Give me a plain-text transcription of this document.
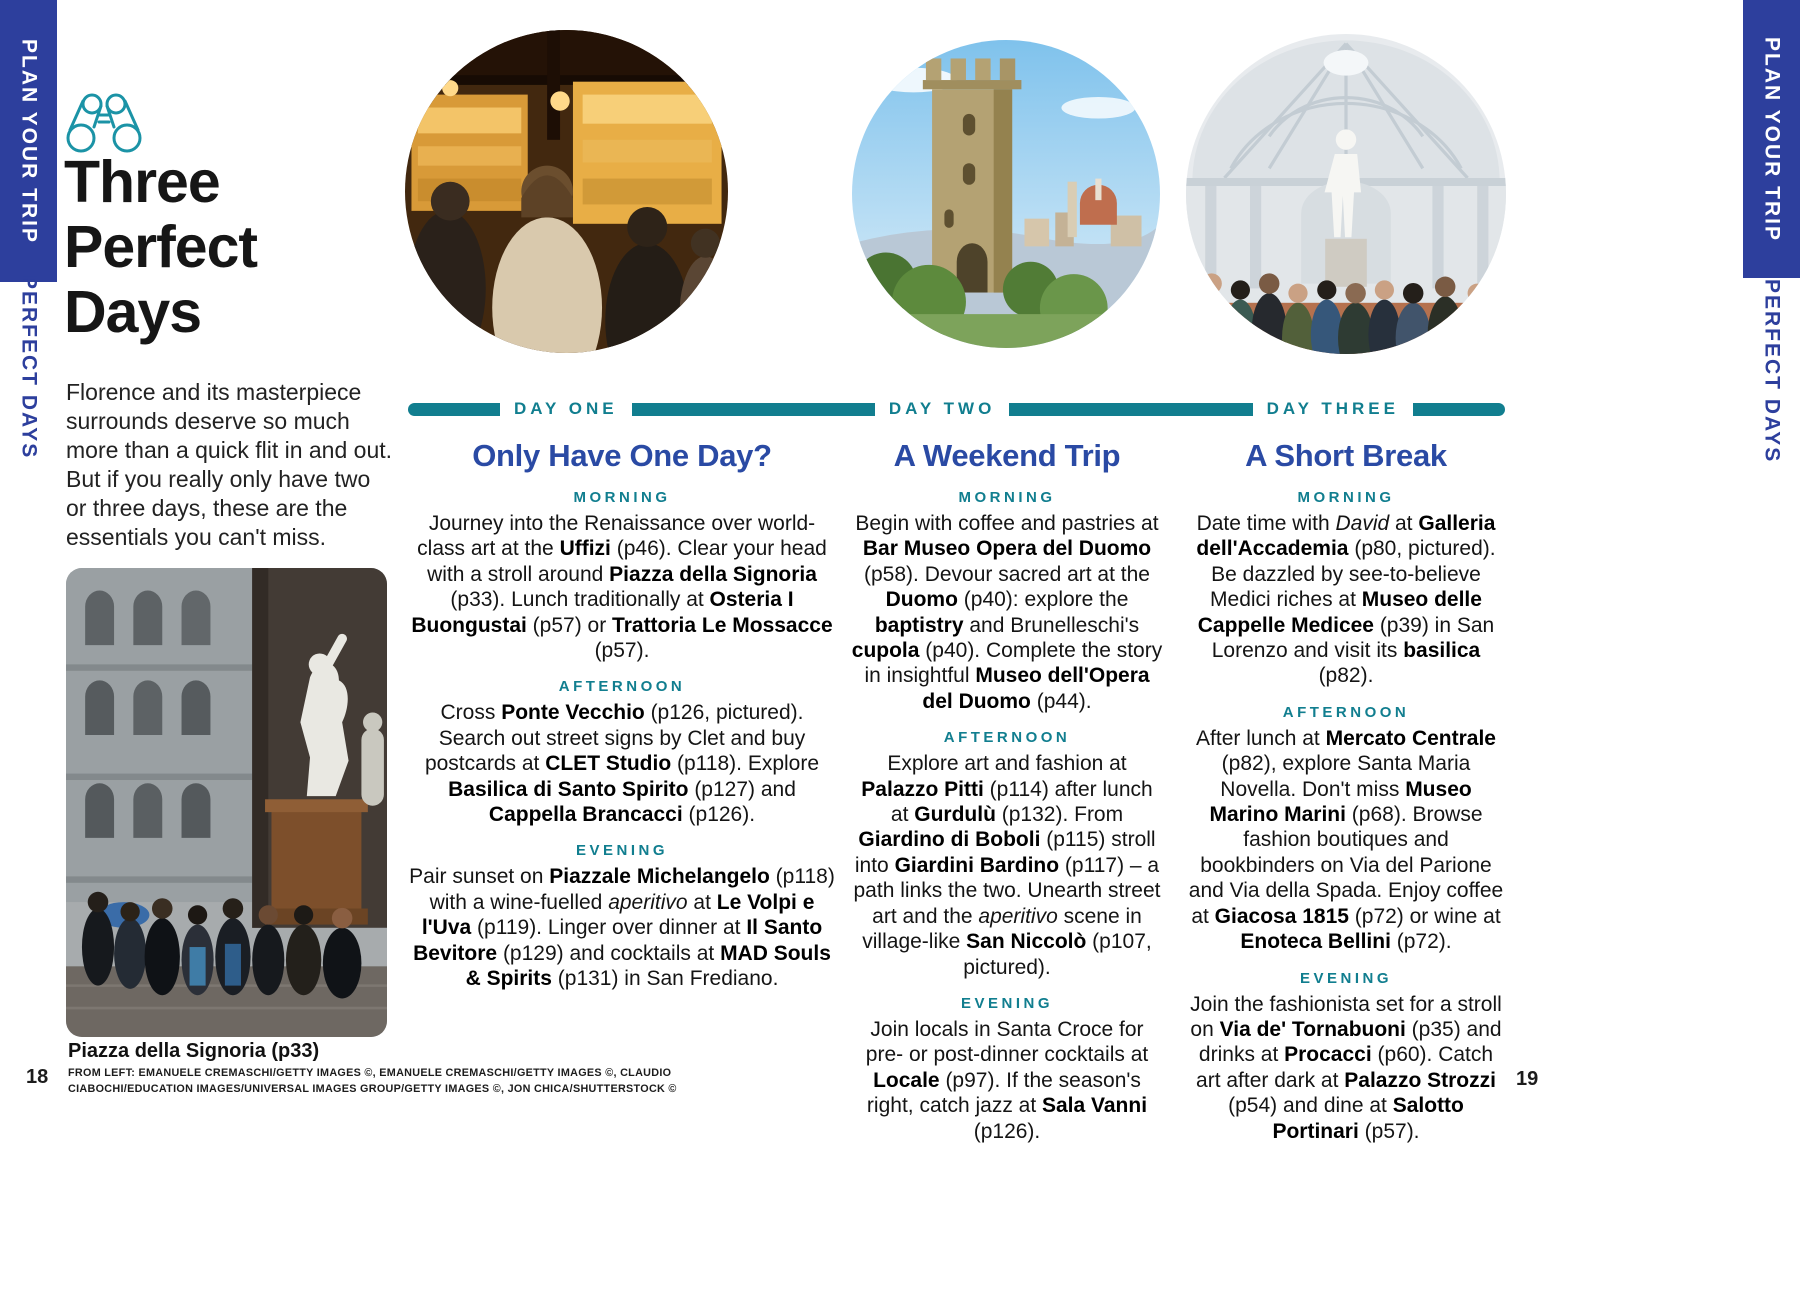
PLAN YOUR TRIP
PERFECT DAYS
PLAN YOUR TRIP
PERFECT DAYS
Three
Perfect
Days

Florence and its masterpiece surrounds deserve so much more than a quick flit in and out. But if you really only have two or three days, these are the essentials you can't miss.

Piazza della Signoria (p33)
DAY ONE	DAY TWO	DAY THREE
Only Have One Day?
MORNING

Journey into the Renaissance over world-class art at the Uffizi (p46). Clear your head with a stroll around Piazza della Signoria (p33). Lunch traditionally at Osteria I Buongustai (p57) or Trattoria Le Mossacce (p57).

AFTERNOON

Cross Ponte Vecchio (p126, pictured). Search out street signs by Clet and buy postcards at CLET Studio (p118). Explore Basilica di Santo Spirito (p127) and Cappella Brancacci (p126).

EVENING

Pair sunset on Piazzale Michelangelo (p118) with a wine-fuelled aperitivo at Le Volpi e l'Uva (p119). Linger over dinner at Il Santo Bevitore (p129) and cocktails at MAD Souls & Spirits (p131) in San Frediano.

A Weekend Trip
MORNING

Begin with coffee and pastries at Bar Museo Opera del Duomo (p58). Devour sacred art at the Duomo (p40): explore the baptistry and Brunelleschi's cupola (p40). Complete the story in insightful Museo dell'Opera del Duomo (p44).

AFTERNOON

Explore art and fashion at Palazzo Pitti (p114) after lunch at Gurdulù (p132). From Giardino di Boboli (p115) stroll into Giardini Bardino (p117) – a path links the two. Unearth street art and the aperitivo scene in village-like San Niccolò (p107, pictured).

EVENING

Join locals in Santa Croce for pre- or post-dinner cocktails at Locale (p97). If the season's right, catch jazz at Sala Vanni (p126).

A Short Break
MORNING

Date time with David at Galleria dell'Accademia (p80, pictured). Be dazzled by see-to-believe Medici riches at Museo delle Cappelle Medicee (p39) in San Lorenzo and visit its basilica (p82).

AFTERNOON

After lunch at Mercato Centrale (p82), explore Santa Maria Novella. Don't miss Museo Marino Marini (p68). Browse fashion boutiques and bookbinders on Via del Parione and Via della Spada. Enjoy coffee at Giacosa 1815 (p72) or wine at Enoteca Bellini (p72).

EVENING

Join the fashionista set for a stroll on Via de' Tornabuoni (p35) and drinks at Procacci (p60). Catch art after dark at Palazzo Strozzi (p54) and dine at Salotto Portinari (p57).

FROM LEFT: EMANUELE CREMASCHI/GETTY IMAGES ©, EMANUELE CREMASCHI/GETTY IMAGES ©, CLAUDIO CIABOCHI/EDUCATION IMAGES/UNIVERSAL IMAGES GROUP/GETTY IMAGES ©, JON CHICA/SHUTTERSTOCK ©
18	19
